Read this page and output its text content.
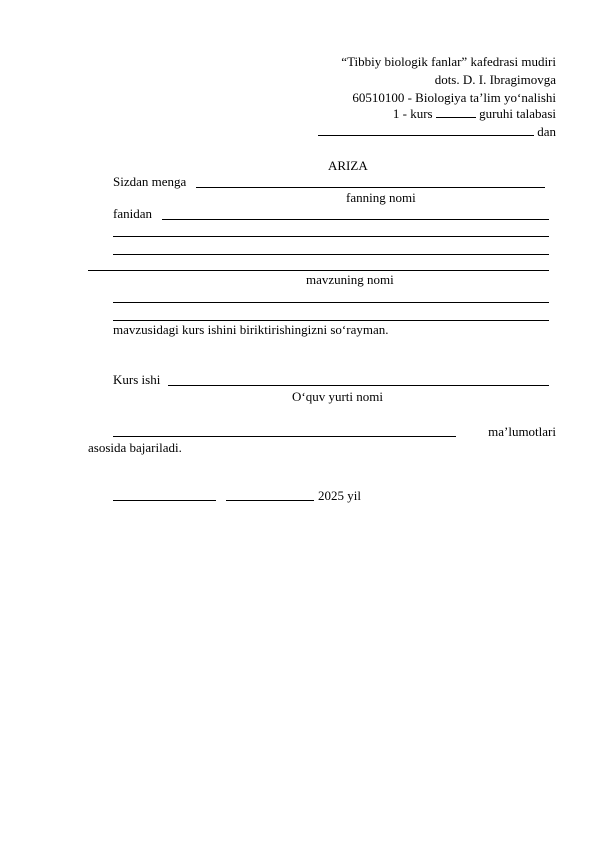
“Tibbiy biologik fanlar” kafedrasi mudiri
dots. D. I. Ibragimovga
60510100 - Biologiya ta’lim yo‘nalishi
1 - kurs	guruhi talabasi
dan
ARIZA
Sizdan menga
fanning nomi
fanidan
mavzuning nomi
mavzusidagi kurs ishini biriktirishingizni so‘rayman.
Kurs ishi
O‘quv yurti nomi
ma’lumotlari
asosida bajariladi.
2025 yil
